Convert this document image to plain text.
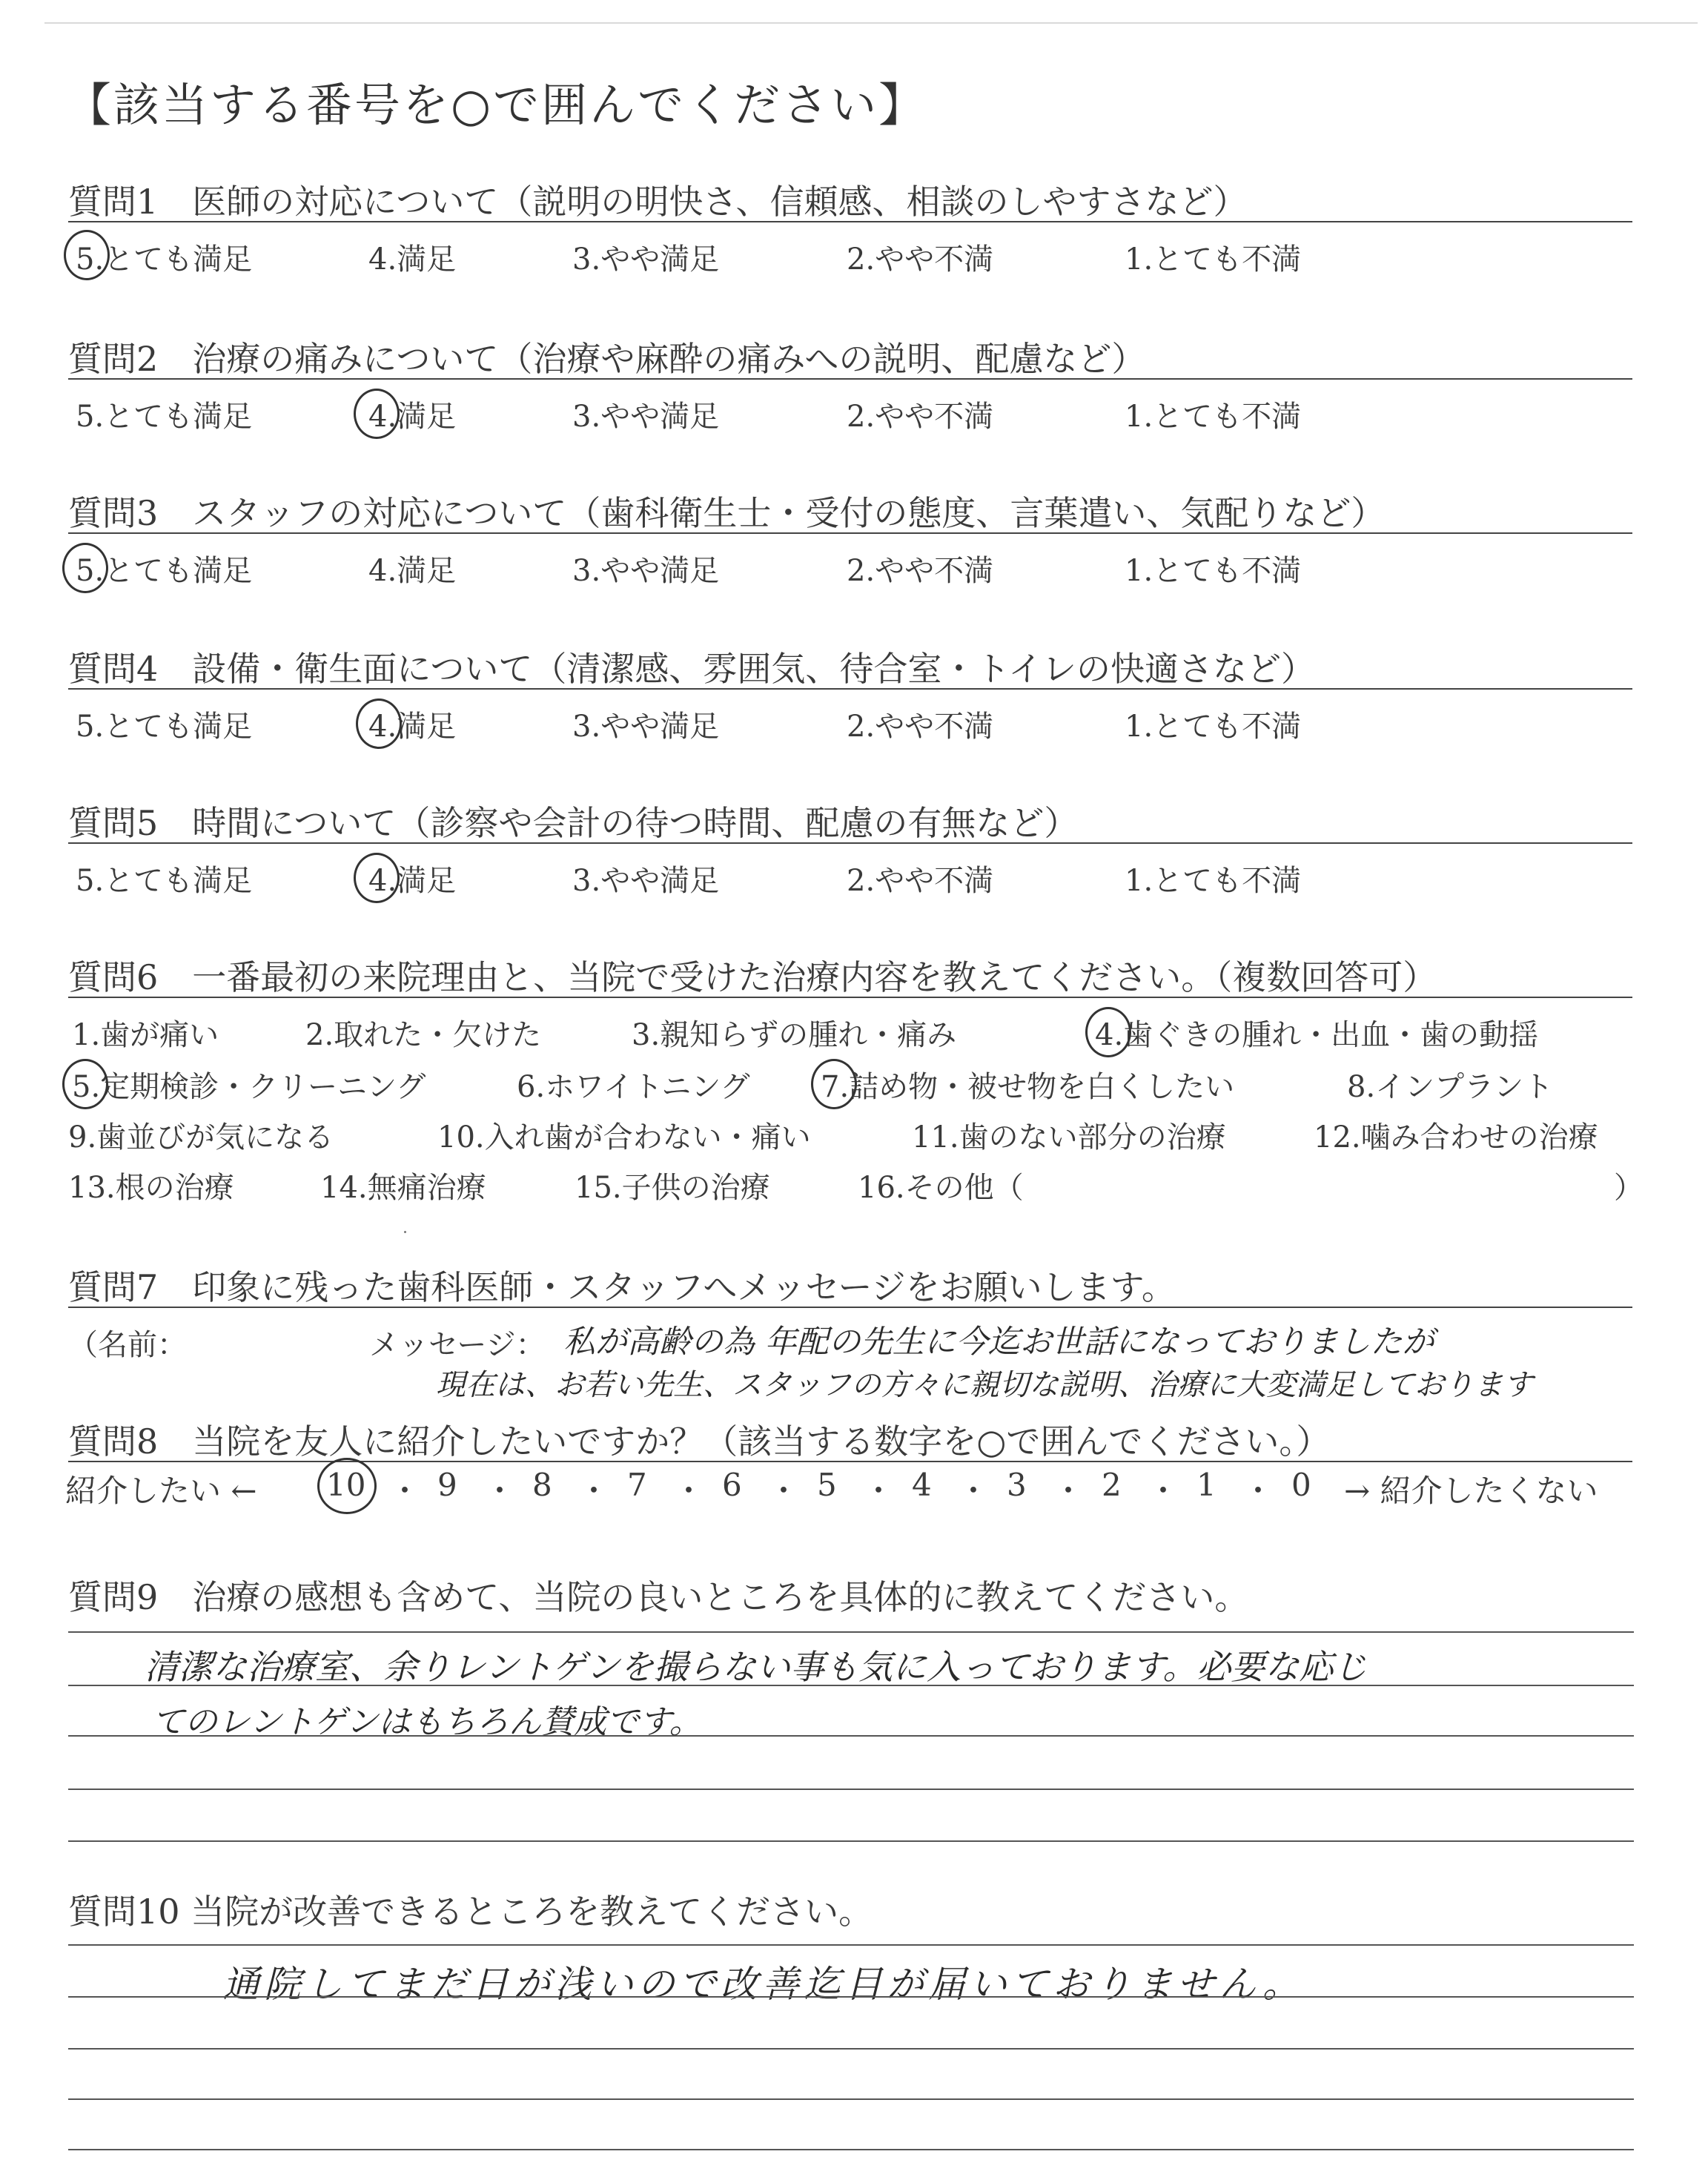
【該当する番号を○で囲んでください】
質問1　医師の対応について（説明の明快さ、信頼感、相談のしやすさなど）
5.とても満足	4.満足	3.やや満足	2.やや不満	1.とても不満
質問2　治療の痛みについて（治療や麻酔の痛みへの説明、配慮など）
5.とても満足	4.満足	3.やや満足	2.やや不満	1.とても不満
質問3　スタッフの対応について（歯科衛生士・受付の態度、言葉遣い、気配りなど）
5.とても満足	4.満足	3.やや満足	2.やや不満	1.とても不満
質問4　設備・衛生面について（清潔感、雰囲気、待合室・トイレの快適さなど）
5.とても満足	4.満足	3.やや満足	2.やや不満	1.とても不満
質問5　時間について（診察や会計の待つ時間、配慮の有無など）
5.とても満足	4.満足	3.やや満足	2.やや不満	1.とても不満
質問6　一番最初の来院理由と、当院で受けた治療内容を教えてください。（複数回答可）
1.歯が痛い	2.取れた・欠けた	3.親知らずの腫れ・痛み	4.歯ぐきの腫れ・出血・歯の動揺
5.定期検診・クリーニング	6.ホワイトニング 7.詰め物・被せ物を白くしたい	8.インプラント
9.歯並びが気になる	10.入れ歯が合わない・痛い	11.歯のない部分の治療	12.噛み合わせの治療
13.根の治療	14.無痛治療	15.子供の治療	16.その他（	）
質問7　印象に残った歯科医師・スタッフへメッセージをお願いします。
（名前：	メッセージ： 私が高齢の為 年配の先生に今迄お世話になっておりましたが
現在は、お若い先生、スタッフの方々に親切な説明、治療に大変満足しております
質問8　当院を友人に紹介したいですか？（該当する数字を○で囲んでください。）
紹介したい ← 10 ・ 9 ・ 8 ・ 7 ・ 6 ・ 5 ・ 4 ・ 3 ・ 2 ・ 1 ・ 0 → 紹介したくない
質問9　治療の感想も含めて、当院の良いところを具体的に教えてください。
清潔な治療室、余りレントゲンを撮らない事も気に入っております。必要な応じ
てのレントゲンはもちろん賛成です。
質問10 当院が改善できるところを教えてください。
通院してまだ日が浅いので改善迄目が届いておりません。
